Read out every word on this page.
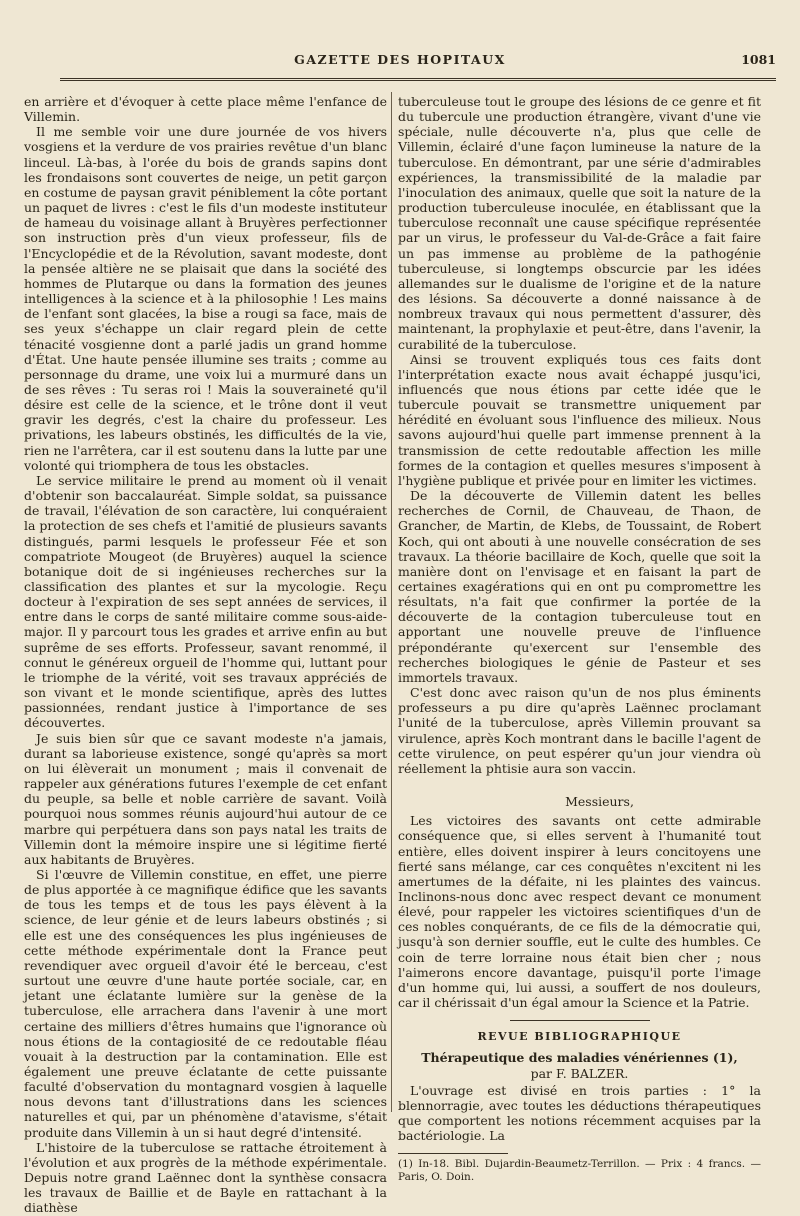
GAZETTE DES HOPITAUX	1081

en arrière et d'évoquer à cette place même l'enfance de Villemin.

Il me semble voir une dure journée de vos hivers vosgiens et la verdure de vos prairies revêtue d'un blanc linceul. Là-bas, à l'orée du bois de grands sapins dont les frondaisons sont couvertes de neige, un petit garçon en costume de paysan gravit péniblement la côte portant un paquet de livres : c'est le fils d'un modeste instituteur de hameau du voisinage allant à Bruyères perfectionner son instruction près d'un vieux professeur, fils de l'Encyclopédie et de la Révolution, savant modeste, dont la pensée altière ne se plaisait que dans la société des hommes de Plutarque ou dans la formation des jeunes intelligences à la science et à la philosophie ! Les mains de l'enfant sont glacées, la bise a rougi sa face, mais de ses yeux s'échappe un clair regard plein de cette ténacité vosgienne dont a parlé jadis un grand homme d'État. Une haute pensée illumine ses traits ; comme au personnage du drame, une voix lui a murmuré dans un de ses rêves : Tu seras roi ! Mais la souveraineté qu'il désire est celle de la science, et le trône dont il veut gravir les degrés, c'est la chaire du professeur. Les privations, les labeurs obstinés, les difficultés de la vie, rien ne l'arrêtera, car il est soutenu dans la lutte par une volonté qui triomphera de tous les obstacles.

Le service militaire le prend au moment où il venait d'obtenir son baccalauréat. Simple soldat, sa puissance de travail, l'élévation de son caractère, lui conquéraient la protection de ses chefs et l'amitié de plusieurs savants distingués, parmi lesquels le professeur Fée et son compatriote Mougeot (de Bruyères) auquel la science botanique doit de si ingénieuses recherches sur la classification des plantes et sur la mycologie. Reçu docteur à l'expiration de ses sept années de services, il entre dans le corps de santé militaire comme sous-aide-major. Il y parcourt tous les grades et arrive enfin au but suprême de ses efforts. Professeur, savant renommé, il connut le généreux orgueil de l'homme qui, luttant pour le triomphe de la vérité, voit ses travaux appréciés de son vivant et le monde scientifique, après des luttes passionnées, rendant justice à l'importance de ses découvertes.

Je suis bien sûr que ce savant modeste n'a jamais, durant sa laborieuse existence, songé qu'après sa mort on lui élèverait un monument ; mais il convenait de rappeler aux générations futures l'exemple de cet enfant du peuple, sa belle et noble carrière de savant. Voilà pourquoi nous sommes réunis aujourd'hui autour de ce marbre qui perpétuera dans son pays natal les traits de Villemin dont la mémoire inspire une si légitime fierté aux habitants de Bruyères.

Si l'œuvre de Villemin constitue, en effet, une pierre de plus apportée à ce magnifique édifice que les savants de tous les temps et de tous les pays élèvent à la science, de leur génie et de leurs labeurs obstinés ; si elle est une des conséquences les plus ingénieuses de cette méthode expérimentale dont la France peut revendiquer avec orgueil d'avoir été le berceau, c'est surtout une œuvre d'une haute portée sociale, car, en jetant une éclatante lumière sur la genèse de la tuberculose, elle arrachera dans l'avenir à une mort certaine des milliers d'êtres humains que l'ignorance où nous étions de la contagiosité de ce redoutable fléau vouait à la destruction par la contamination. Elle est également une preuve éclatante de cette puissante faculté d'observation du montagnard vosgien à laquelle nous devons tant d'illustrations dans les sciences naturelles et qui, par un phénomène d'atavisme, s'était produite dans Villemin à un si haut degré d'intensité.

L'histoire de la tuberculose se rattache étroitement à l'évolution et aux progrès de la méthode expérimentale. Depuis notre grand Laënnec dont la synthèse consacra les travaux de Baillie et de Bayle en rattachant à la diathèse

tuberculeuse tout le groupe des lésions de ce genre et fit du tubercule une production étrangère, vivant d'une vie spéciale, nulle découverte n'a, plus que celle de Villemin, éclairé d'une façon lumineuse la nature de la tuberculose. En démontrant, par une série d'admirables expériences, la transmissibilité de la maladie par l'inoculation des animaux, quelle que soit la nature de la production tuberculeuse inoculée, en établissant que la tuberculose reconnaît une cause spécifique représentée par un virus, le professeur du Val-de-Grâce a fait faire un pas immense au problème de la pathogénie tuberculeuse, si longtemps obscurcie par les idées allemandes sur le dualisme de l'origine et de la nature des lésions. Sa découverte a donné naissance à de nombreux travaux qui nous permettent d'assurer, dès maintenant, la prophylaxie et peut-être, dans l'avenir, la curabilité de la tuberculose.

Ainsi se trouvent expliqués tous ces faits dont l'interprétation exacte nous avait échappé jusqu'ici, influencés que nous étions par cette idée que le tubercule pouvait se transmettre uniquement par hérédité en évoluant sous l'influence des milieux. Nous savons aujourd'hui quelle part immense prennent à la transmission de cette redoutable affection les mille formes de la contagion et quelles mesures s'imposent à l'hygiène publique et privée pour en limiter les victimes.

De la découverte de Villemin datent les belles recherches de Cornil, de Chauveau, de Thaon, de Grancher, de Martin, de Klebs, de Toussaint, de Robert Koch, qui ont abouti à une nouvelle consécration de ses travaux. La théorie bacillaire de Koch, quelle que soit la manière dont on l'envisage et en faisant la part de certaines exagérations qui en ont pu compromettre les résultats, n'a fait que confirmer la portée de la découverte de la contagion tuberculeuse tout en apportant une nouvelle preuve de l'influence prépondérante qu'exercent sur l'ensemble des recherches biologiques le génie de Pasteur et ses immortels travaux.

C'est donc avec raison qu'un de nos plus éminents professeurs a pu dire qu'après Laënnec proclamant l'unité de la tuberculose, après Villemin prouvant sa virulence, après Koch montrant dans le bacille l'agent de cette virulence, on peut espérer qu'un jour viendra où réellement la phtisie aura son vaccin.

Messieurs,

Les victoires des savants ont cette admirable conséquence que, si elles servent à l'humanité tout entière, elles doivent inspirer à leurs concitoyens une fierté sans mélange, car ces conquêtes n'excitent ni les amertumes de la défaite, ni les plaintes des vaincus. Inclinons-nous donc avec respect devant ce monument élevé, pour rappeler les victoires scientifiques d'un de ces nobles conquérants, de ce fils de la démocratie qui, jusqu'à son dernier souffle, eut le culte des humbles. Ce coin de terre lorraine nous était bien cher ; nous l'aimerons encore davantage, puisqu'il porte l'image d'un homme qui, lui aussi, a souffert de nos douleurs, car il chérissait d'un égal amour la Science et la Patrie.

REVUE BIBLIOGRAPHIQUE

Thérapeutique des maladies vénériennes (1),

par F. BALZER.

L'ouvrage est divisé en trois parties : 1° la blennorragie, avec toutes les déductions thérapeutiques que comportent les notions récemment acquises par la bactériologie. La

(1) In-18. Bibl. Dujardin-Beaumetz-Terrillon. — Prix : 4 francs. — Paris, O. Doin.
